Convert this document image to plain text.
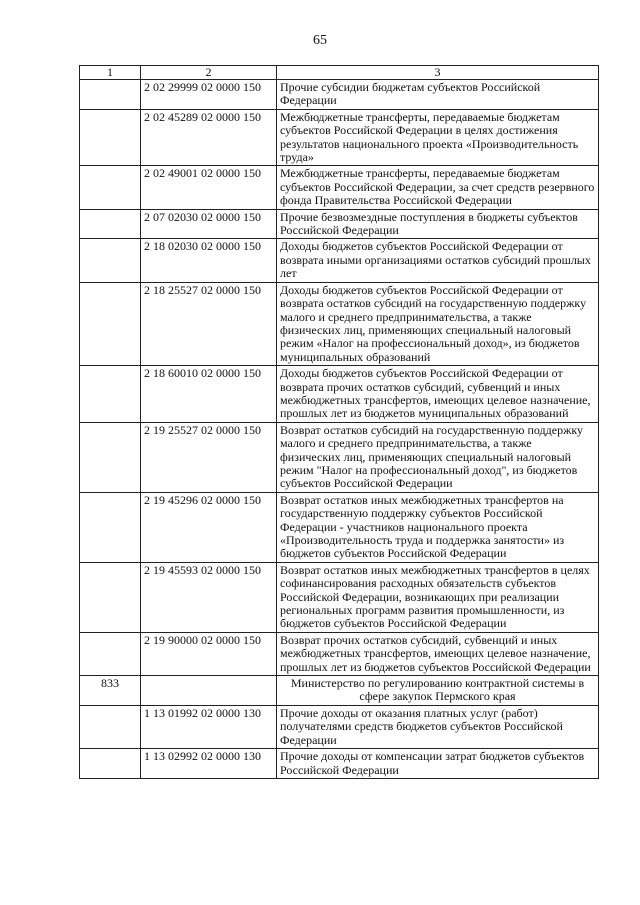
65
1	2	3
	2 02 29999 02 0000 150	Прочие субсидии бюджетам субъектов Российской Федерации
	2 02 45289 02 0000 150	Межбюджетные трансферты, передаваемые бюджетам субъектов Российской Федерации в целях достижения результатов национального проекта «Производительность труда»
	2 02 49001 02 0000 150	Межбюджетные трансферты, передаваемые бюджетам субъектов Российской Федерации, за счет средств резервного фонда Правительства Российской Федерации
	2 07 02030 02 0000 150	Прочие безвозмездные поступления в бюджеты субъектов Российской Федерации
	2 18 02030 02 0000 150	Доходы бюджетов субъектов Российской Федерации от возврата иными организациями остатков субсидий прошлых лет
	2 18 25527 02 0000 150	Доходы бюджетов субъектов Российской Федерации от возврата остатков субсидий на государственную поддержку малого и среднего предпринимательства, а также физических лиц, применяющих специальный налоговый режим «Налог на профессиональный доход», из бюджетов муниципальных образований
	2 18 60010 02 0000 150	Доходы бюджетов субъектов Российской Федерации от возврата прочих остатков субсидий, субвенций и иных межбюджетных трансфертов, имеющих целевое назначение, прошлых лет из бюджетов муниципальных образований
	2 19 25527 02 0000 150	Возврат остатков субсидий на государственную поддержку малого и среднего предпринимательства, а также физических лиц, применяющих специальный налоговый режим "Налог на профессиональный доход", из бюджетов субъектов Российской Федерации
	2 19 45296 02 0000 150	Возврат остатков иных межбюджетных трансфертов на государственную поддержку субъектов Российской Федерации - участников национального проекта «Производительность труда и поддержка занятости» из бюджетов субъектов Российской Федерации
	2 19 45593 02 0000 150	Возврат остатков иных межбюджетных трансфертов в целях софинансирования расходных обязательств субъектов Российской Федерации, возникающих при реализации региональных программ развития промышленности, из бюджетов субъектов Российской Федерации
	2 19 90000 02 0000 150	Возврат прочих остатков субсидий, субвенций и иных межбюджетных трансфертов, имеющих целевое назначение, прошлых лет из бюджетов субъектов Российской Федерации
833		Министерство по регулированию контрактной системы в сфере закупок Пермского края
	1 13 01992 02 0000 130	Прочие доходы от оказания платных услуг (работ) получателями средств бюджетов субъектов Российской Федерации
	1 13 02992 02 0000 130	Прочие доходы от компенсации затрат бюджетов субъектов Российской Федерации
